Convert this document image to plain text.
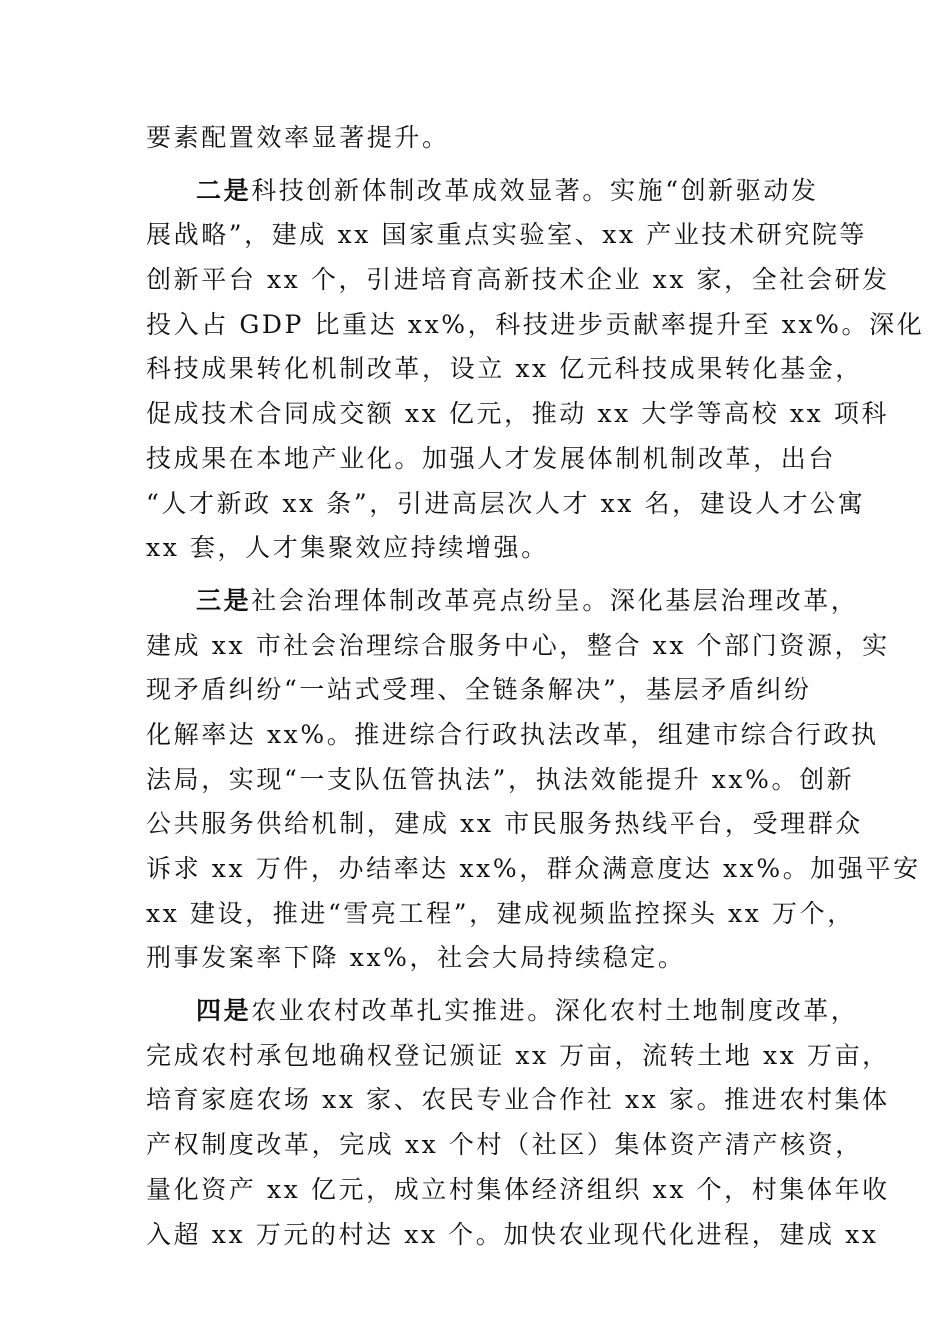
要素配置效率显著提升。
二是科技创新体制改革成效显著。实施“创新驱动发
展战略”，建成 xx 国家重点实验室、xx 产业技术研究院等
创新平台 xx 个，引进培育高新技术企业 xx 家，全社会研发
投入占 GDP 比重达 xx%，科技进步贡献率提升至 xx%。深化
科技成果转化机制改革，设立 xx 亿元科技成果转化基金，
促成技术合同成交额 xx 亿元，推动 xx 大学等高校 xx 项科
技成果在本地产业化。加强人才发展体制机制改革，出台
“人才新政 xx 条”，引进高层次人才 xx 名，建设人才公寓
xx 套，人才集聚效应持续增强。
三是社会治理体制改革亮点纷呈。深化基层治理改革，
建成 xx 市社会治理综合服务中心，整合 xx 个部门资源，实
现矛盾纠纷“一站式受理、全链条解决”，基层矛盾纠纷
化解率达 xx%。推进综合行政执法改革，组建市综合行政执
法局，实现“一支队伍管执法”，执法效能提升 xx%。创新
公共服务供给机制，建成 xx 市民服务热线平台，受理群众
诉求 xx 万件，办结率达 xx%，群众满意度达 xx%。加强平安
xx 建设，推进“雪亮工程”，建成视频监控探头 xx 万个，
刑事发案率下降 xx%，社会大局持续稳定。
四是农业农村改革扎实推进。深化农村土地制度改革，
完成农村承包地确权登记颁证 xx 万亩，流转土地 xx 万亩，
培育家庭农场 xx 家、农民专业合作社 xx 家。推进农村集体
产权制度改革，完成 xx 个村（社区）集体资产清产核资，
量化资产 xx 亿元，成立村集体经济组织 xx 个，村集体年收
入超 xx 万元的村达 xx 个。加快农业现代化进程，建成 xx
